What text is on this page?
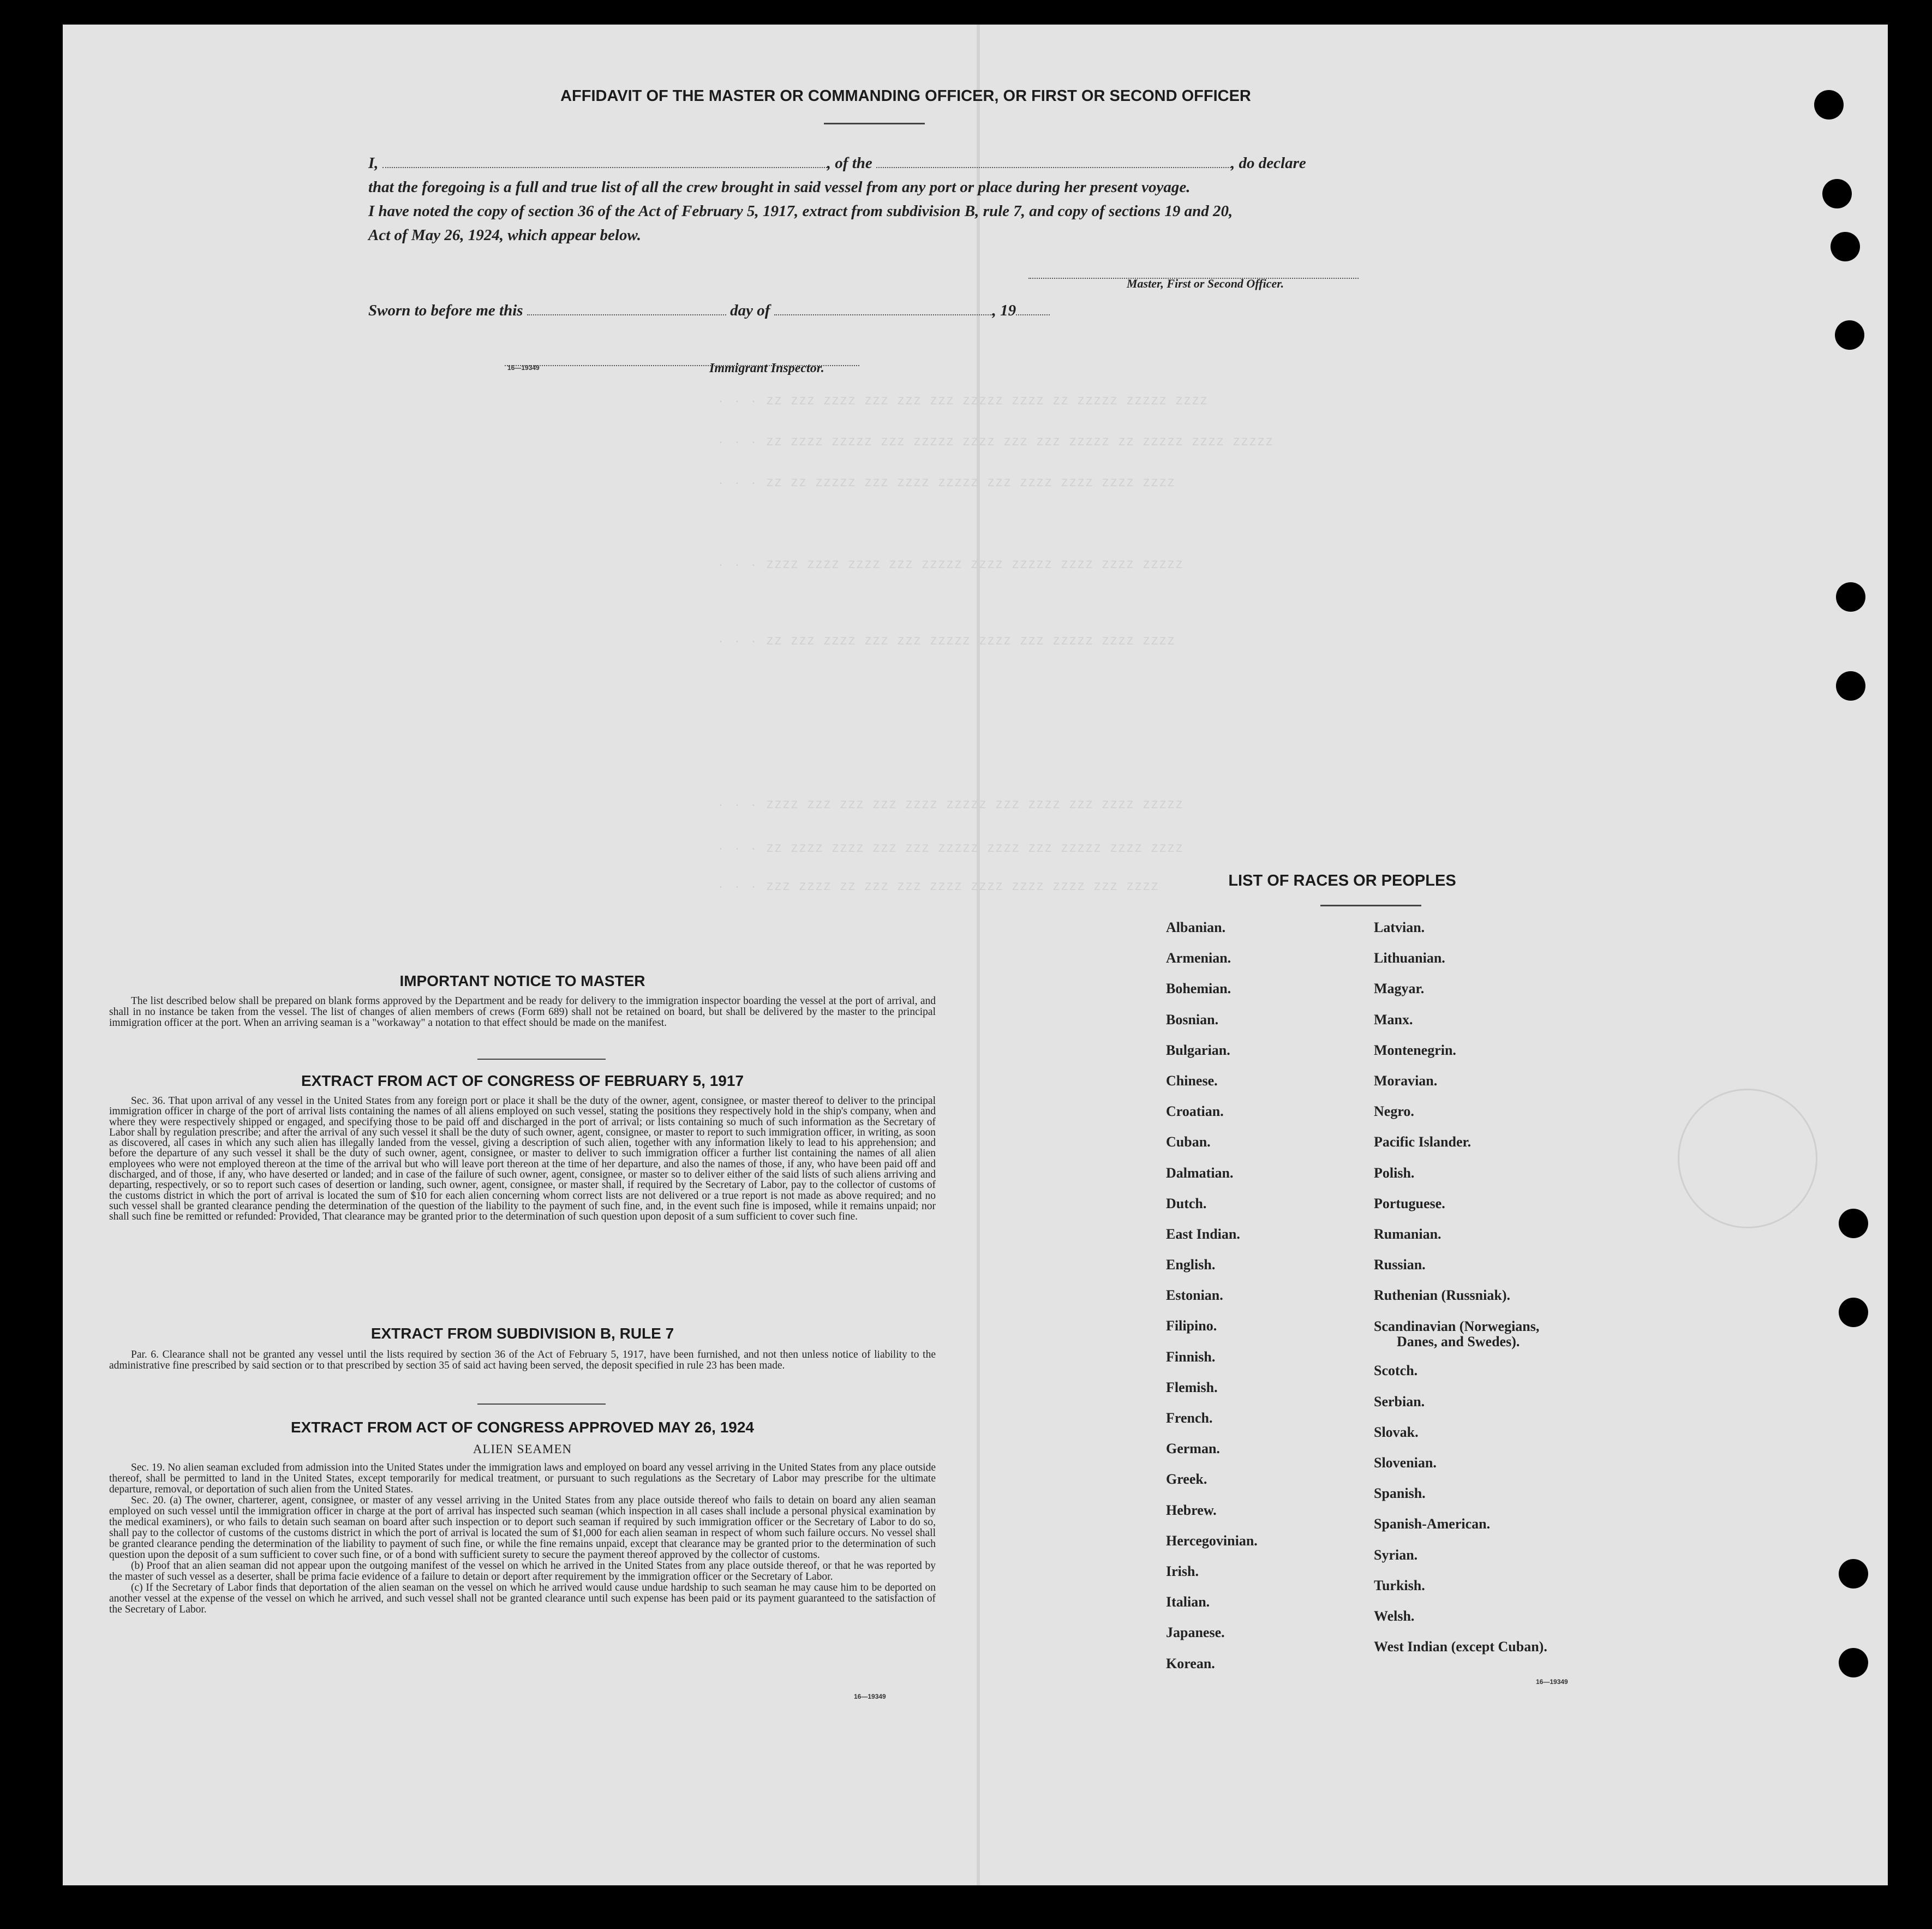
· · · ZZ ZZZ ZZZZ ZZZ ZZZ ZZZ ZZZZZ ZZZZ ZZ ZZZZZ ZZZZZ ZZZZ
· · · ZZ ZZZZ ZZZZZ ZZZ ZZZZZ ZZZZ ZZZ ZZZ ZZZZZ ZZ ZZZZZ ZZZZ ZZZZZ
· · · ZZ ZZ ZZZZZ ZZZ ZZZZ ZZZZZ ZZZ ZZZZ ZZZZ ZZZZ ZZZZ
· · · ZZZZ ZZZZ ZZZZ ZZZ ZZZZZ ZZZZ ZZZZZ ZZZZ ZZZZ ZZZZZ
· · · ZZ ZZZ ZZZZ ZZZ ZZZ ZZZZZ ZZZZ ZZZ ZZZZZ ZZZZ ZZZZ
· · · ZZZZ ZZZ ZZZ ZZZ ZZZZ ZZZZZ ZZZ ZZZZ ZZZ ZZZZ ZZZZZ
· · · ZZ ZZZZ ZZZZ ZZZ ZZZ ZZZZZ ZZZZ ZZZ ZZZZZ ZZZZ ZZZZ
· · · ZZZ ZZZZ ZZ ZZZ ZZZ ZZZZ ZZZZ ZZZZ ZZZZ ZZZ ZZZZ
AFFIDAVIT OF THE MASTER OR COMMANDING OFFICER, OR FIRST OR SECOND OFFICER
I,	, of the	, do declare
that the foregoing is a full and true list of all the crew brought in said vessel from any port or place during her present voyage.
I have noted the copy of section 36 of the Act of February 5, 1917, extract from subdivision B, rule 7, and copy of sections 19 and 20,
Act of May 26, 1924, which appear below.
Master, First or Second Officer.
Sworn to before me this	day of	, 19
16—19349	Immigrant Inspector.
IMPORTANT NOTICE TO MASTER

The list described below shall be prepared on blank forms approved by the Department and be ready for delivery to the immigration inspector boarding the vessel at the port of arrival, and shall in no instance be taken from the vessel. The list of changes of alien members of crews (Form 689) shall not be retained on board, but shall be delivered by the master to the principal immigration officer at the port. When an arriving seaman is a "workaway" a notation to that effect should be made on the manifest.

EXTRACT FROM ACT OF CONGRESS OF FEBRUARY 5, 1917

Sec. 36. That upon arrival of any vessel in the United States from any foreign port or place it shall be the duty of the owner, agent, consignee, or master thereof to deliver to the principal immigration officer in charge of the port of arrival lists containing the names of all aliens employed on such vessel, stating the positions they respectively hold in the ship's company, when and where they were respectively shipped or engaged, and specifying those to be paid off and discharged in the port of arrival; or lists containing so much of such information as the Secretary of Labor shall by regulation prescribe; and after the arrival of any such vessel it shall be the duty of such owner, agent, consignee, or master to report to such immigration officer, in writing, as soon as discovered, all cases in which any such alien has illegally landed from the vessel, giving a description of such alien, together with any information likely to lead to his apprehension; and before the departure of any such vessel it shall be the duty of such owner, agent, consignee, or master to deliver to such immigration officer a further list containing the names of all alien employees who were not employed thereon at the time of the arrival but who will leave port thereon at the time of her departure, and also the names of those, if any, who have been paid off and discharged, and of those, if any, who have deserted or landed; and in case of the failure of such owner, agent, consignee, or master so to deliver either of the said lists of such aliens arriving and departing, respectively, or so to report such cases of desertion or landing, such owner, agent, consignee, or master shall, if required by the Secretary of Labor, pay to the collector of customs of the customs district in which the port of arrival is located the sum of $10 for each alien concerning whom correct lists are not delivered or a true report is not made as above required; and no such vessel shall be granted clearance pending the determination of the question of the liability to the payment of such fine, and, in the event such fine is imposed, while it remains unpaid; nor shall such fine be remitted or refunded: Provided, That clearance may be granted prior to the determination of such question upon deposit of a sum sufficient to cover such fine.

EXTRACT FROM SUBDIVISION B, RULE 7

Par. 6. Clearance shall not be granted any vessel until the lists required by section 36 of the Act of February 5, 1917, have been furnished, and not then unless notice of liability to the administrative fine prescribed by said section or to that prescribed by section 35 of said act having been served, the deposit specified in rule 23 has been made.

EXTRACT FROM ACT OF CONGRESS APPROVED MAY 26, 1924
ALIEN SEAMEN

Sec. 19. No alien seaman excluded from admission into the United States under the immigration laws and employed on board any vessel arriving in the United States from any place outside thereof, shall be permitted to land in the United States, except temporarily for medical treatment, or pursuant to such regulations as the Secretary of Labor may prescribe for the ultimate departure, removal, or deportation of such alien from the United States.

Sec. 20. (a) The owner, charterer, agent, consignee, or master of any vessel arriving in the United States from any place outside thereof who fails to detain on board any alien seaman employed on such vessel until the immigration officer in charge at the port of arrival has inspected such seaman (which inspection in all cases shall include a personal physical examination by the medical examiners), or who fails to detain such seaman on board after such inspection or to deport such seaman if required by such immigration officer or the Secretary of Labor to do so, shall pay to the collector of customs of the customs district in which the port of arrival is located the sum of $1,000 for each alien seaman in respect of whom such failure occurs. No vessel shall be granted clearance pending the determination of the liability to payment of such fine, or while the fine remains unpaid, except that clearance may be granted prior to the determination of such question upon the deposit of a sum sufficient to cover such fine, or of a bond with sufficient surety to secure the payment thereof approved by the collector of customs.

(b) Proof that an alien seaman did not appear upon the outgoing manifest of the vessel on which he arrived in the United States from any place outside thereof, or that he was reported by the master of such vessel as a deserter, shall be prima facie evidence of a failure to detain or deport after requirement by the immigration officer or the Secretary of Labor.

(c) If the Secretary of Labor finds that deportation of the alien seaman on the vessel on which he arrived would cause undue hardship to such seaman he may cause him to be deported on another vessel at the expense of the vessel on which he arrived, and such vessel shall not be granted clearance until such expense has been paid or its payment guaranteed to the satisfaction of the Secretary of Labor.

16—19349
LIST OF RACES OR PEOPLES
Albanian.
Armenian.
Bohemian.
Bosnian.
Bulgarian.
Chinese.
Croatian.
Cuban.
Dalmatian.
Dutch.
East Indian.
English.
Estonian.
Filipino.
Finnish.
Flemish.
French.
German.
Greek.
Hebrew.
Hercegovinian.
Irish.
Italian.
Japanese.
Korean.
Latvian.
Lithuanian.
Magyar.
Manx.
Montenegrin.
Moravian.
Negro.
Pacific Islander.
Polish.
Portuguese.
Rumanian.
Russian.
Ruthenian (Russniak).
Scandinavian (Norwegians,
Danes, and Swedes).
Scotch.
Serbian.
Slovak.
Slovenian.
Spanish.
Spanish-American.
Syrian.
Turkish.
Welsh.
West Indian (except Cuban).
16—19349
